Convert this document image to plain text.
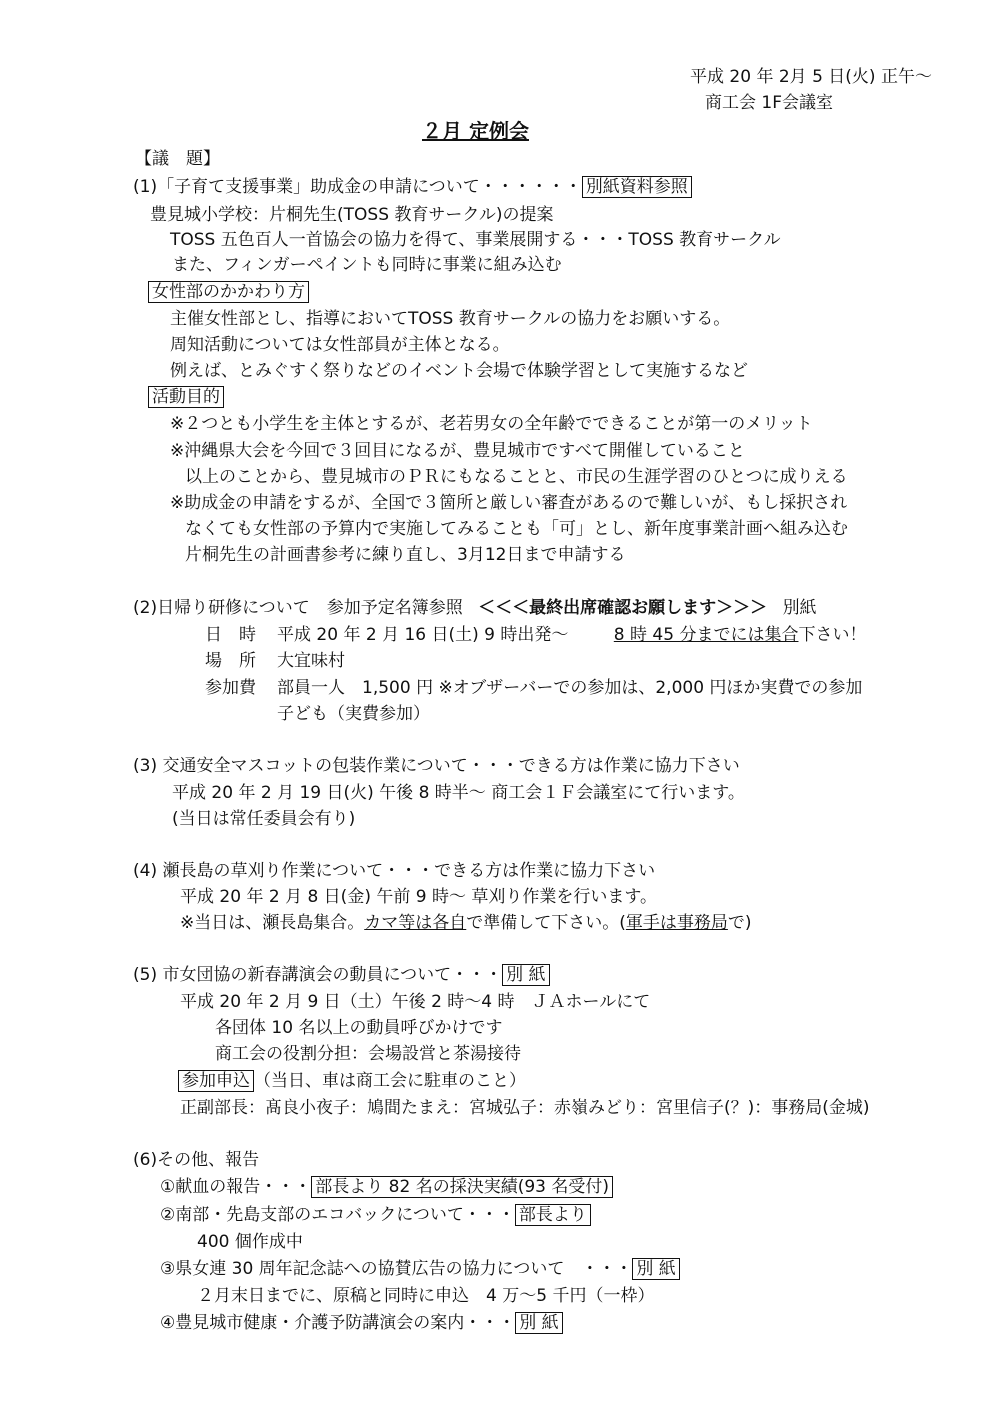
平成 20 年 2月 5 日(火) 正午～
商工会 1F会議室
２月 定例会
【議　題】
(1)「子育て支援事業」助成金の申請について・・・・・・ 別紙資料参照
豊見城小学校：片桐先生(TOSS 教育サークル)の提案
TOSS 五色百人一首協会の協力を得て、事業展開する・・・TOSS 教育サークル
また、フィンガーペイントも同時に事業に組み込む
女性部のかかわり方
主催女性部とし、指導においてTOSS 教育サークルの協力をお願いする。
周知活動については女性部員が主体となる。
例えば、とみぐすく祭りなどのイベント会場で体験学習として実施するなど
活動目的
※２つとも小学生を主体とするが、老若男女の全年齢でできることが第一のメリット
※沖縄県大会を今回で３回目になるが、豊見城市ですべて開催していること
以上のことから、豊見城市のＰＲにもなることと、市民の生涯学習のひとつに成りえる
※助成金の申請をするが、全国で３箇所と厳しい審査があるので難しいが、もし採択され
なくても女性部の予算内で実施してみることも「可」とし、新年度事業計画へ組み込む
片桐先生の計画書参考に練り直し、3月12日まで申請する
(2)日帰り研修について　参加予定名簿参照 ＜＜＜最終出席確認お願します＞＞＞ 別紙
日　時 平成 20 年 2 月 16 日(土) 9 時出発～	8 時 45 分までには集合下さい！
場　所 大宜味村
参加費 部員一人　1,500 円 ※オブザーバーでの参加は、2,000 円ほか実費での参加
子ども（実費参加）
(3) 交通安全マスコットの包装作業について・・・できる方は作業に協力下さい
平成 20 年 2 月 19 日(火) 午後 8 時半～ 商工会１Ｆ会議室にて行います。
(当日は常任委員会有り)
(4) 瀬長島の草刈り作業について・・・できる方は作業に協力下さい
平成 20 年 2 月 8 日(金) 午前 9 時～ 草刈り作業を行います。
※当日は、瀬長島集合。カマ等は各自で準備して下さい。(軍手は事務局で)
(5) 市女団協の新春講演会の動員について・・・ 別 紙
平成 20 年 2 月 9 日（土）午後 2 時～4 時　ＪＡホールにて
各団体 10 名以上の動員呼びかけです
商工会の役割分担：会場設営と茶湯接待
参加申込 （当日、車は商工会に駐車のこと）
正副部長：髙良小夜子：鳩間たまえ：宮城弘子：赤嶺みどり：宮里信子(？)：事務局(金城)
(6)その他、報告
①献血の報告・・・ 部長より 82 名の採決実績(93 名受付)
②南部・先島支部のエコバックについて・・・ 部長より
400 個作成中
③県女連 30 周年記念誌への協賛広告の協力について　・・・ 別 紙
２月末日までに、原稿と同時に申込　4 万～5 千円（一枠）
④豊見城市健康・介護予防講演会の案内・・・ 別 紙
